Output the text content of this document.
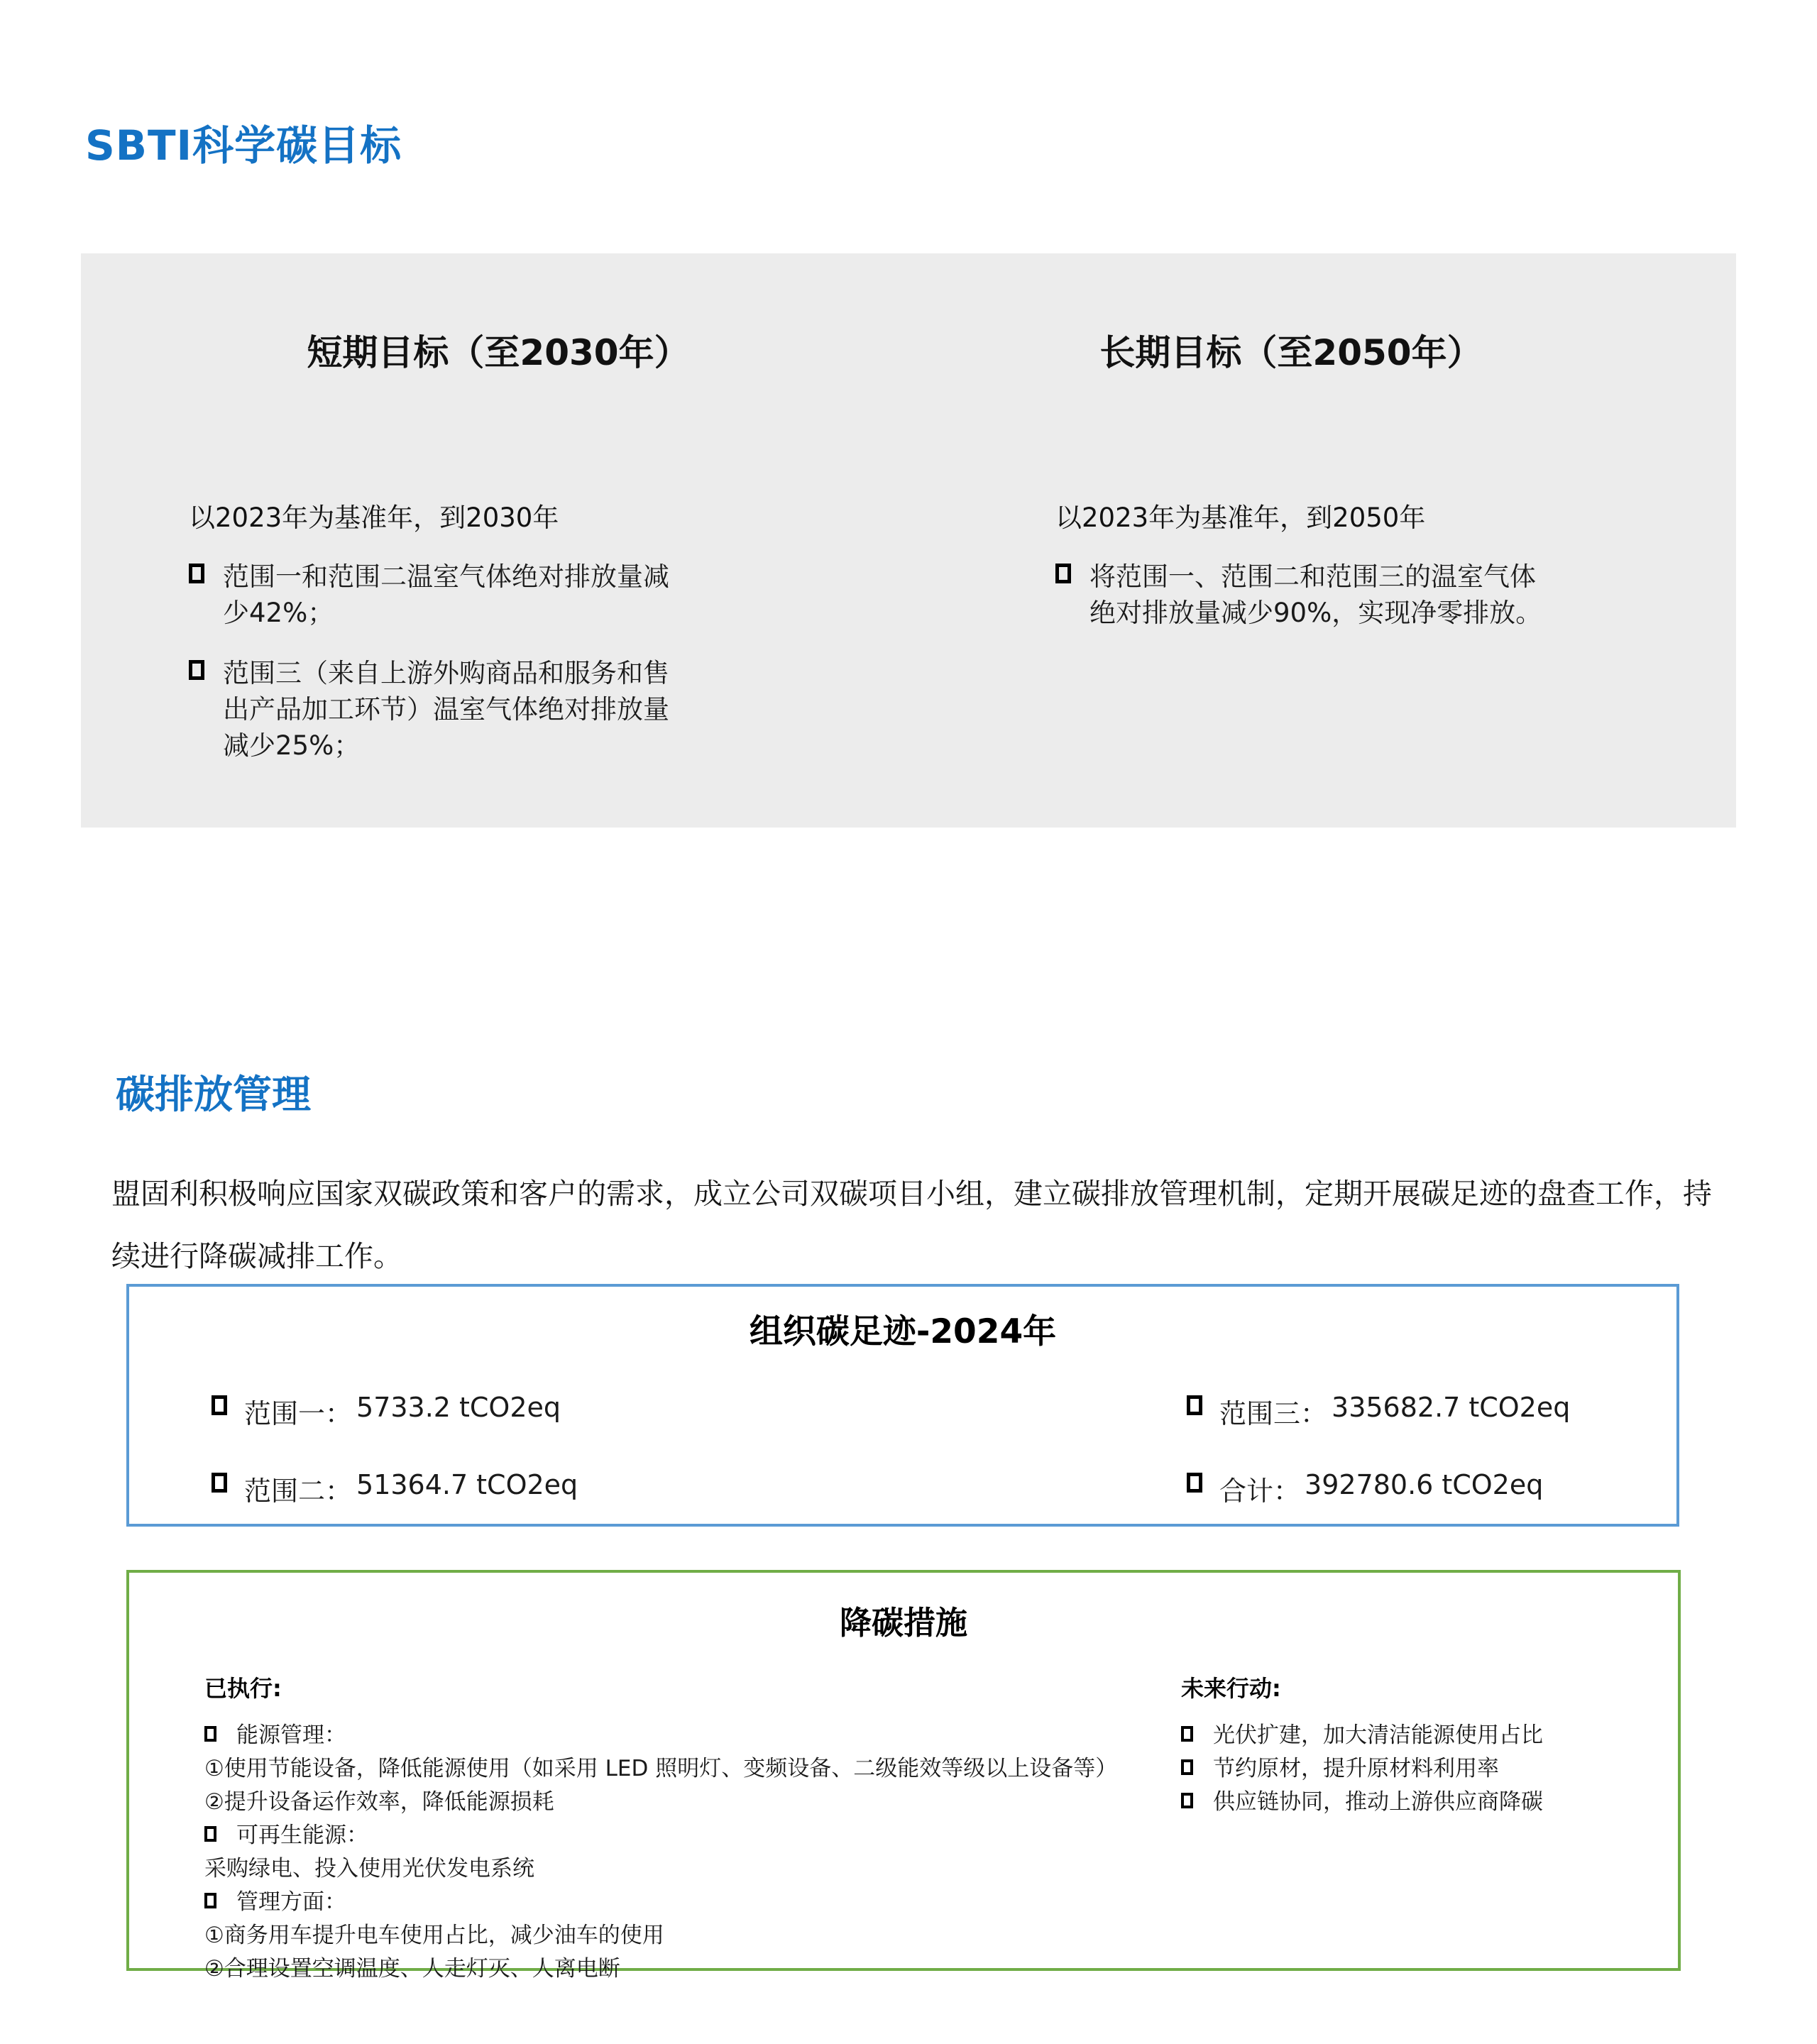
SBTI科学碳目标
短期目标（至2030年）	长期目标（至2050年）
以2023年为基准年，到2030年	以2023年为基准年，到2050年
范围一和范围二温室气体绝对排放量减少42%；
范围三（来自上游外购商品和服务和售出产品加工环节）温室气体绝对排放量减少25%；
将范围一、范围二和范围三的温室气体绝对排放量减少90%，实现净零排放。
碳排放管理
盟固利积极响应国家双碳政策和客户的需求，成立公司双碳项目小组，建立碳排放管理机制，定期开展碳足迹的盘查工作，持续进行降碳减排工作。
组织碳足迹-2024年
范围一： 5733.2 tCO2eq
范围二： 51364.7 tCO2eq
范围三： 335682.7 tCO2eq
合计： 392780.6 tCO2eq
降碳措施
已执行:	未来行动:
能源管理：
①使用节能设备，降低能源使用（如采用 LED 照明灯、变频设备、二级能效等级以上设备等）
②提升设备运作效率，降低能源损耗
可再生能源：
采购绿电、投入使用光伏发电系统
管理方面：
①商务用车提升电车使用占比，减少油车的使用
②合理设置空调温度、人走灯灭、人离电断
光伏扩建，加大清洁能源使用占比
节约原材，提升原材料利用率
供应链协同，推动上游供应商降碳
